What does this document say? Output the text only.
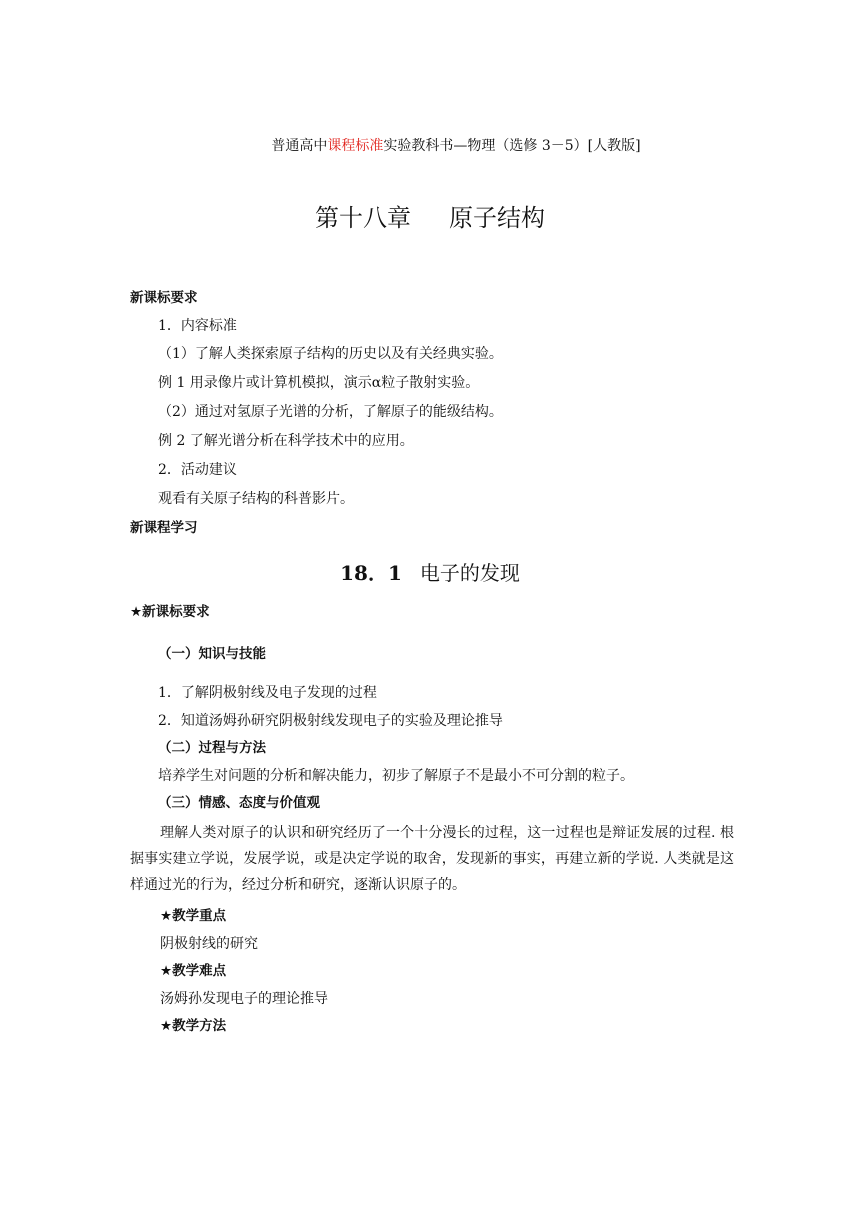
普通高中课程标准实验教科书—物理（选修 3－5）[人教版]
第十八章 原子结构
新课标要求
1．内容标准
（1）了解人类探索原子结构的历史以及有关经典实验。
例 1 用录像片或计算机模拟，演示α粒子散射实验。
（2）通过对氢原子光谱的分析，了解原子的能级结构。
例 2 了解光谱分析在科学技术中的应用。
2．活动建议
观看有关原子结构的科普影片。
新课程学习
18．1 电子的发现
★新课标要求
（一）知识与技能
1．了解阴极射线及电子发现的过程
2．知道汤姆孙研究阴极射线发现电子的实验及理论推导
（二）过程与方法
培养学生对问题的分析和解决能力，初步了解原子不是最小不可分割的粒子。
（三）情感、态度与价值观
理解人类对原子的认识和研究经历了一个十分漫长的过程，这一过程也是辩证发展的过程. 根据事实建立学说，发展学说，或是决定学说的取舍，发现新的事实，再建立新的学说. 人类就是这样通过光的行为，经过分析和研究，逐渐认识原子的。
★教学重点
阴极射线的研究
★教学难点
汤姆孙发现电子的理论推导
★教学方法
